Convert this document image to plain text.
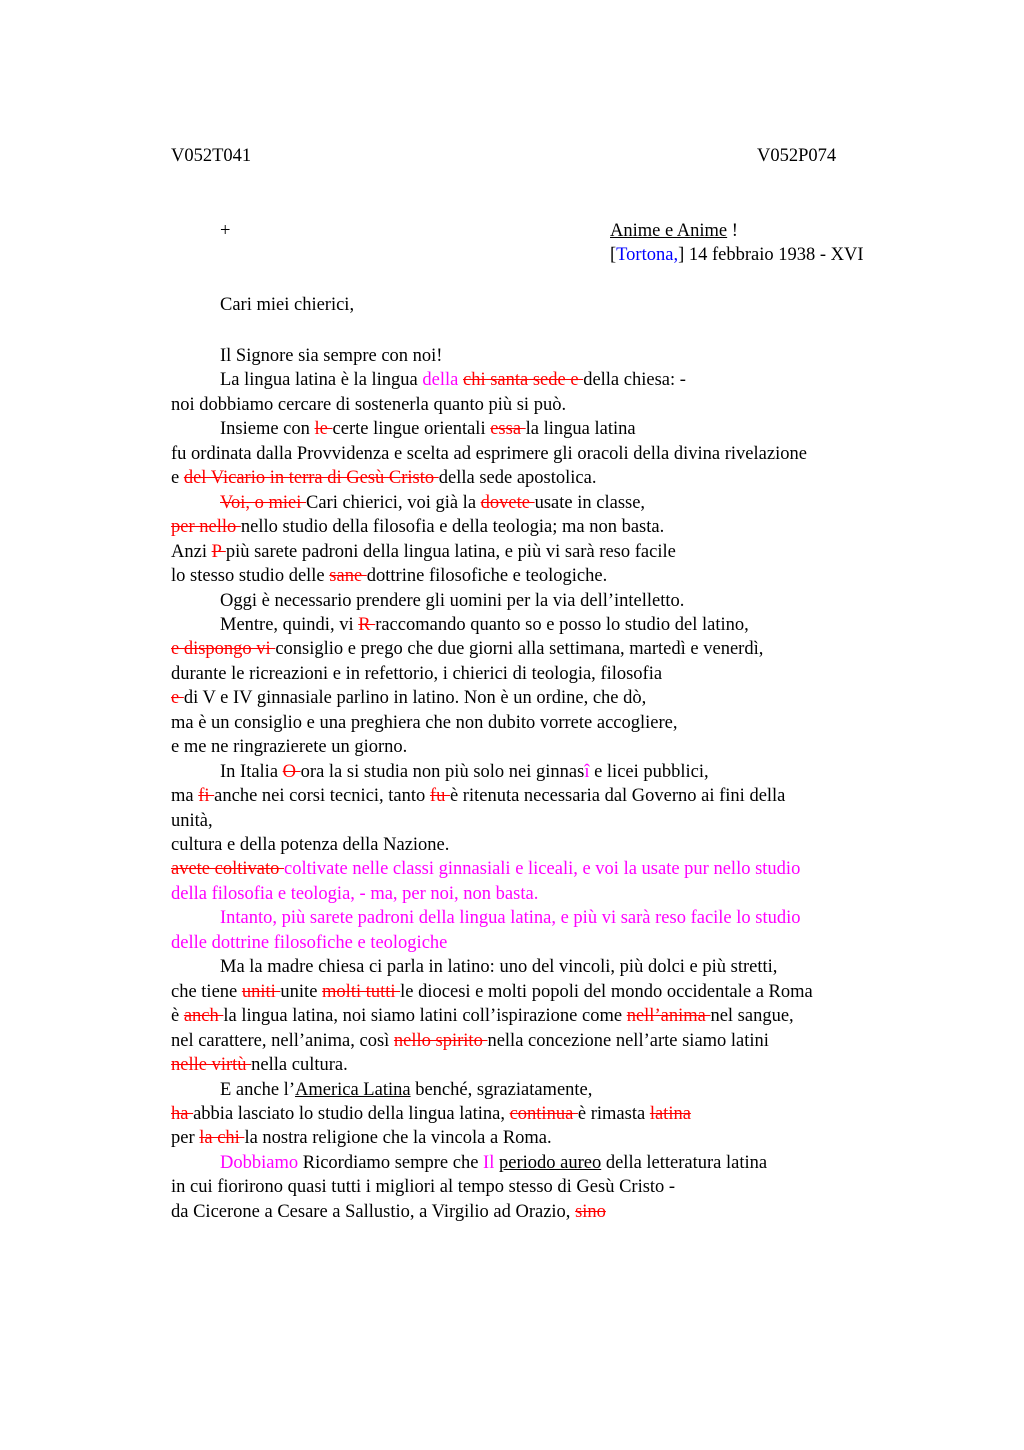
V052T041	V052P074
+	Anime e Anime !
[Tortona,] 14 febbraio 1938 - XVI
Cari miei chierici,
Il Signore sia sempre con noi!
La lingua latina è la lingua della chi santa sede e della chiesa: -
noi dobbiamo cercare di sostenerla quanto più si può.
Insieme con le certe lingue orientali essa la lingua latina
fu ordinata dalla Provvidenza e scelta ad esprimere gli oracoli della divina rivelazione
e del Vicario in terra di Gesù Cristo della sede apostolica.
Voi, o miei Cari chierici, voi già la dovete usate in classe,
per nello nello studio della filosofia e della teologia; ma non basta.
Anzi P più sarete padroni della lingua latina, e più vi sarà reso facile
lo stesso studio delle sane dottrine filosofiche e teologiche.
Oggi è necessario prendere gli uomini per la via dell’intelletto.
Mentre, quindi, vi R raccomando quanto so e posso lo studio del latino,
e dispongo vi consiglio e prego che due giorni alla settimana, martedì e venerdì,
durante le ricreazioni e in refettorio, i chierici di teologia, filosofia
e di V e IV ginnasiale parlino in latino. Non è un ordine, che dò,
ma è un consiglio e una preghiera che non dubito vorrete accogliere,
e me ne ringrazierete un giorno.
In Italia O ora la si studia non più solo nei ginnasî e licei pubblici,
ma fi anche nei corsi tecnici, tanto fu è ritenuta necessaria dal Governo ai fini della
unità,
cultura e della potenza della Nazione.
avete coltivato coltivate nelle classi ginnasiali e liceali, e voi la usate pur nello studio
della filosofia e teologia, - ma, per noi, non basta.
Intanto, più sarete padroni della lingua latina, e più vi sarà reso facile lo studio
delle dottrine filosofiche e teologiche
Ma la madre chiesa ci parla in latino: uno del vincoli, più dolci e più stretti,
che tiene uniti unite molti tutti le diocesi e molti popoli del mondo occidentale a Roma
è anch la lingua latina, noi siamo latini coll’ispirazione come nell’anima nel sangue,
nel carattere, nell’anima, così nello spirito nella concezione nell’arte siamo latini
nelle virtù nella cultura.
E anche l’America Latina benché, sgraziatamente,
ha abbia lasciato lo studio della lingua latina, continua è rimasta latina
per la chi la nostra religione che la vincola a Roma.
Dobbiamo Ricordiamo sempre che Il periodo aureo della letteratura latina
in cui fiorirono quasi tutti i migliori al tempo stesso di Gesù Cristo -
da Cicerone a Cesare a Sallustio, a Virgilio ad Orazio, sino
